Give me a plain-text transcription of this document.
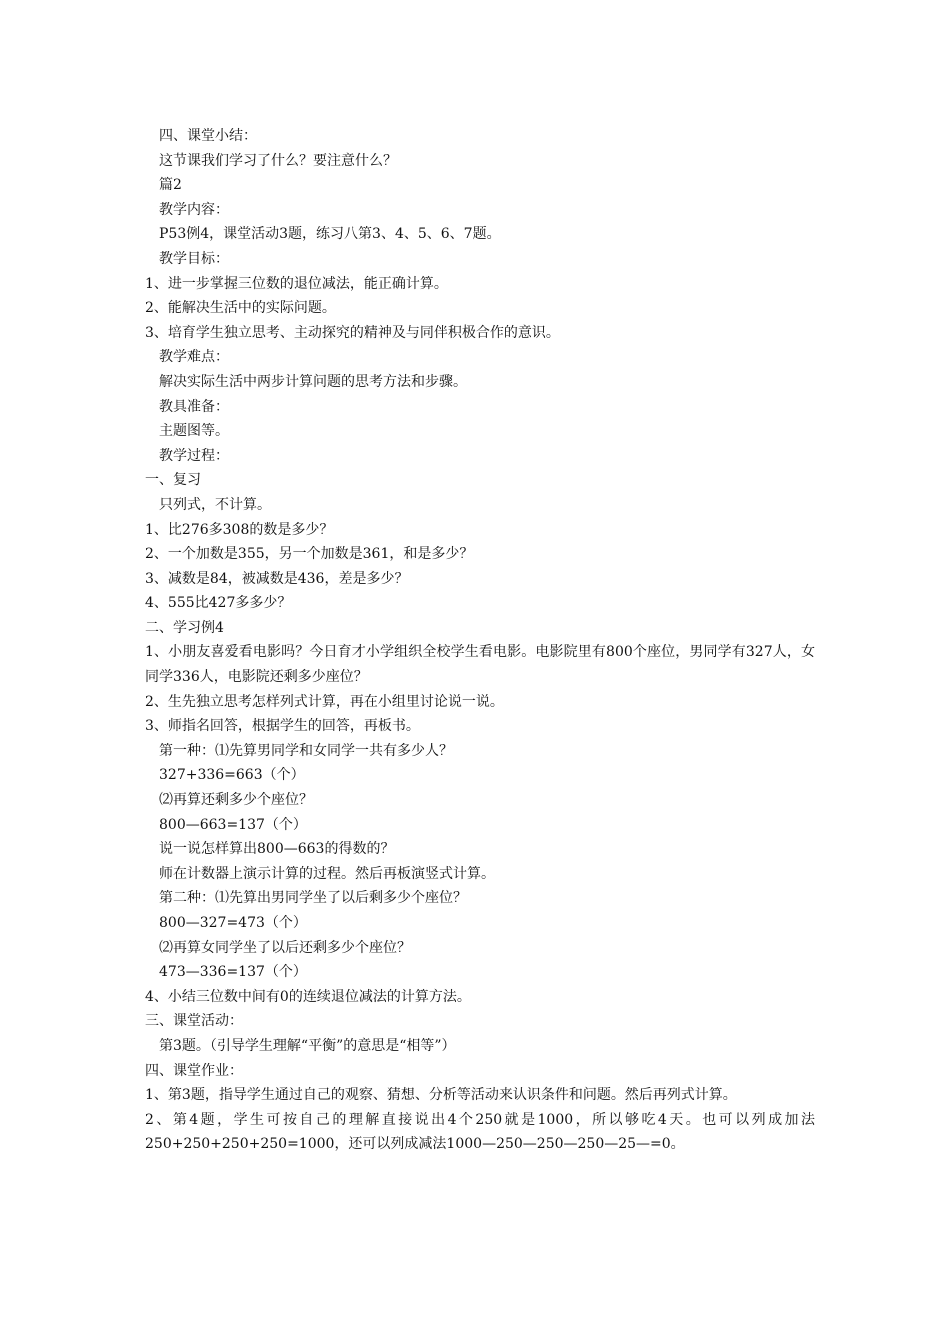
四、课堂小结：
这节课我们学习了什么？要注意什么？
篇2
教学内容：
P53例4，课堂活动3题，练习八第3、4、5、6、7题。
教学目标：
1、进一步掌握三位数的退位减法，能正确计算。
2、能解决生活中的实际问题。
3、培育学生独立思考、主动探究的精神及与同伴积极合作的意识。
教学难点：
解决实际生活中两步计算问题的思考方法和步骤。
教具准备：
主题图等。
教学过程：
一、复习
只列式，不计算。
1、比276多308的数是多少？
2、一个加数是355，另一个加数是361，和是多少？
3、减数是84，被减数是436，差是多少？
4、555比427多多少？
二、学习例4
1、小朋友喜爱看电影吗？今日育才小学组织全校学生看电影。电影院里有800个座位，男同学有327人，女同学336人，电影院还剩多少座位？
2、生先独立思考怎样列式计算，再在小组里讨论说一说。
3、师指名回答，根据学生的回答，再板书。
第一种：⑴先算男同学和女同学一共有多少人？
327+336=663（个）
⑵再算还剩多少个座位？
800—663=137（个）
说一说怎样算出800—663的得数的？
师在计数器上演示计算的过程。然后再板演竖式计算。
第二种：⑴先算出男同学坐了以后剩多少个座位？
800—327=473（个）
⑵再算女同学坐了以后还剩多少个座位？
473—336=137（个）
4、小结三位数中间有0的连续退位减法的计算方法。
三、课堂活动：
第3题。（引导学生理解“平衡”的意思是“相等”）
四、课堂作业：
1、第3题，指导学生通过自己的观察、猜想、分析等活动来认识条件和问题。然后再列式计算。
2、第4题，学生可按自己的理解直接说出4个250就是1000，所以够吃4天。也可以列成加法250+250+250+250=1000，还可以列成减法1000—250—250—250—25—=0。
